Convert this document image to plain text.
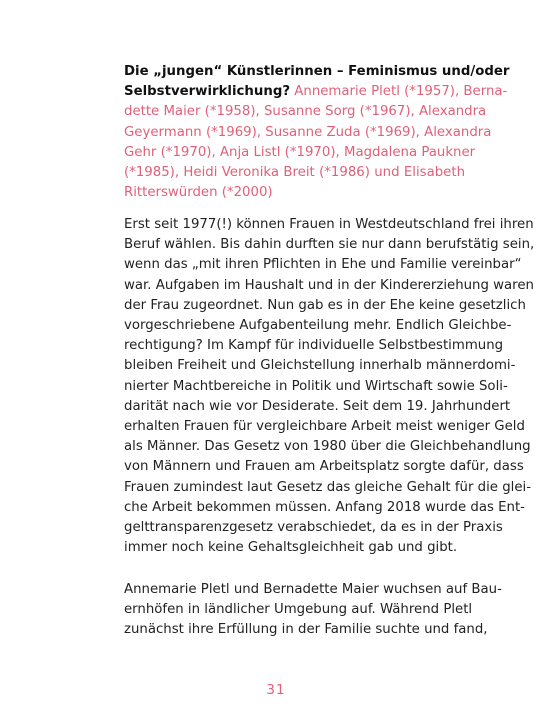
Die „jungen“ Künstlerinnen – Feminismus und/oder
Selbstverwirklichung? Annemarie Pletl (*1957), Berna-
dette Maier (*1958), Susanne Sorg (*1967), Alexandra
Geyermann (*1969), Susanne Zuda (*1969), Alexandra
Gehr (*1970), Anja Listl (*1970), Magdalena Paukner
(*1985), Heidi Veronika Breit (*1986) und Elisabeth
Ritterswürden (*2000)
Erst seit 1977(!) können Frauen in Westdeutschland frei ihren
Beruf wählen. Bis dahin durften sie nur dann berufstätig sein,
wenn das „mit ihren Pflichten in Ehe und Familie vereinbar“
war. Aufgaben im Haushalt und in der Kindererziehung waren
der Frau zugeordnet. Nun gab es in der Ehe keine gesetzlich
vorgeschriebene Aufgabenteilung mehr. Endlich Gleichbe-
rechtigung? Im Kampf für individuelle Selbstbestimmung
bleiben Freiheit und Gleichstellung innerhalb männerdomi-
nierter Machtbereiche in Politik und Wirtschaft sowie Soli-
darität nach wie vor Desiderate. Seit dem 19. Jahrhundert
erhalten Frauen für vergleichbare Arbeit meist weniger Geld
als Männer. Das Gesetz von 1980 über die Gleichbehandlung
von Männern und Frauen am Arbeitsplatz sorgte dafür, dass
Frauen zumindest laut Gesetz das gleiche Gehalt für die glei-
che Arbeit bekommen müssen. Anfang 2018 wurde das Ent-
gelttransparenzgesetz verabschiedet, da es in der Praxis
immer noch keine Gehaltsgleichheit gab und gibt.
Annemarie Pletl und Bernadette Maier wuchsen auf Bau-
ernhöfen in ländlicher Umgebung auf. Während Pletl
zunächst ihre Erfüllung in der Familie suchte und fand,
31
